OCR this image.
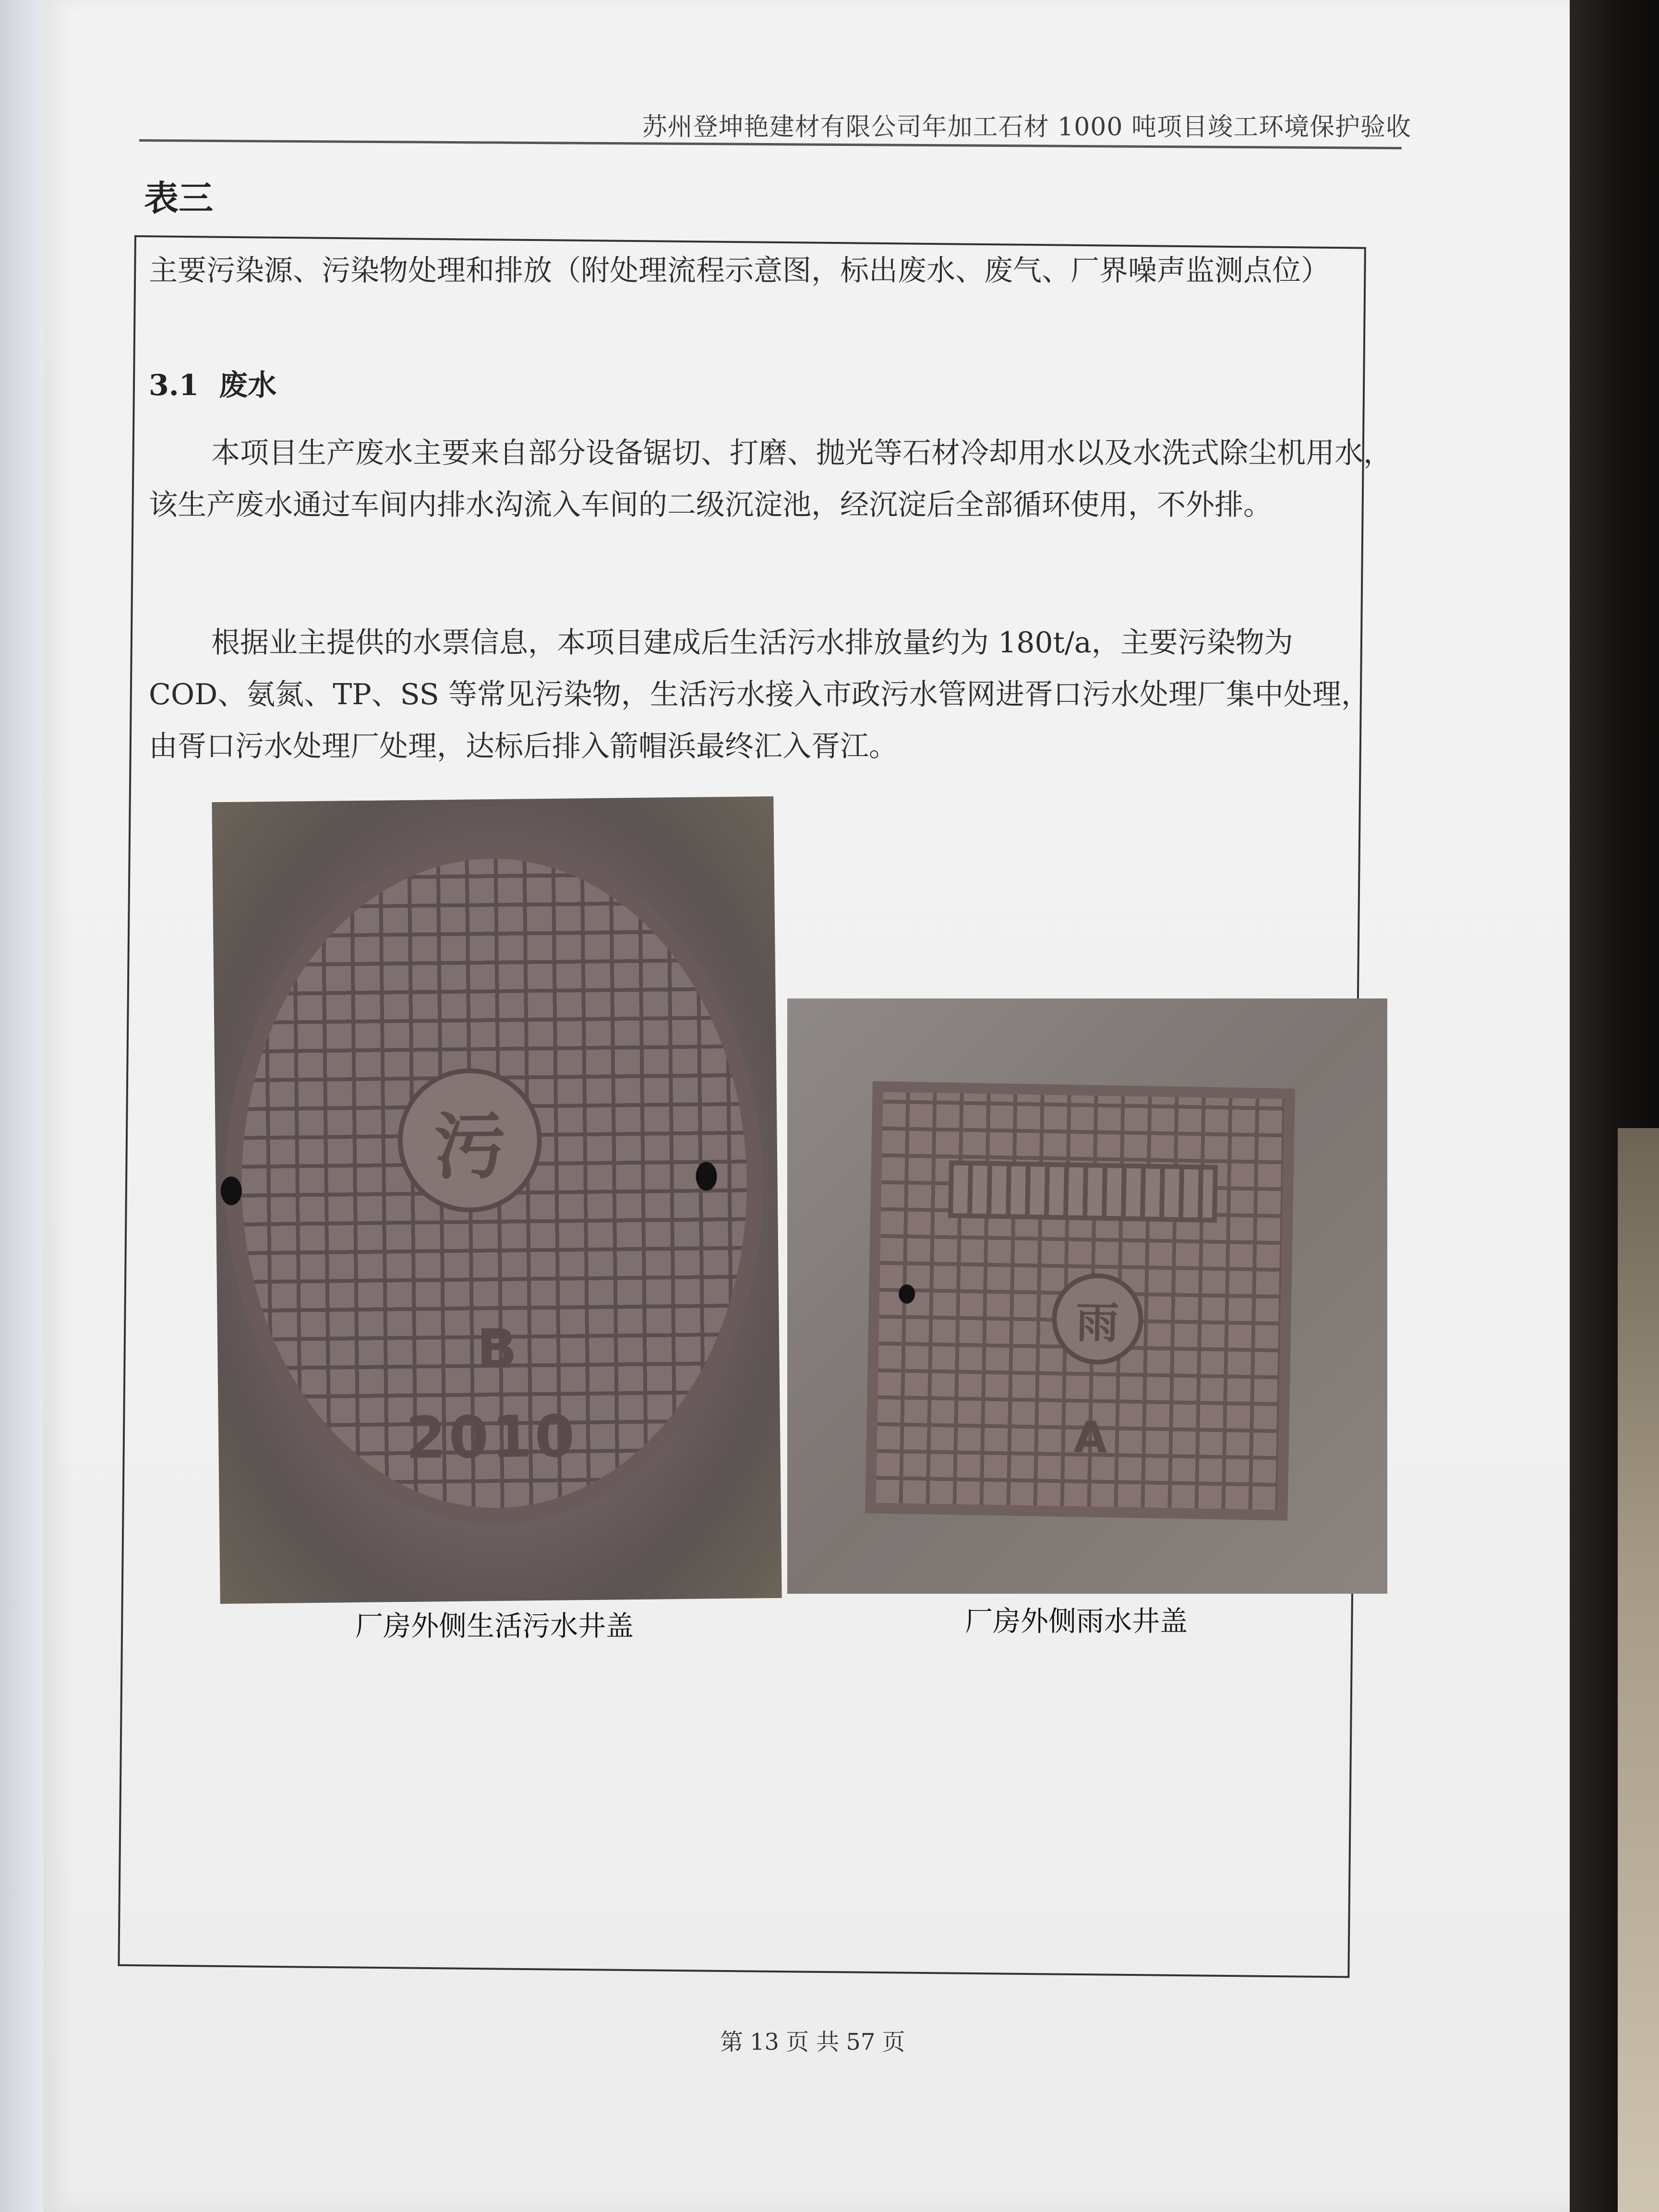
苏州登坤艳建材有限公司年加工石材 1000 吨项目竣工环境保护验收
表三
主要污染源、污染物处理和排放（附处理流程示意图，标出废水、废气、厂界噪声监测点位）
3.1 废水
本项目生产废水主要来自部分设备锯切、打磨、抛光等石材冷却用水以及水洗式除尘机用水，该生产废水通过车间内排水沟流入车间的二级沉淀池，经沉淀后全部循环使用，不外排。
根据业主提供的水票信息，本项目建成后生活污水排放量约为 180t/a，主要污染物为 COD、氨氮、TP、SS 等常见污染物，生活污水接入市政污水管网进胥口污水处理厂集中处理，由胥口污水处理厂处理，达标后排入箭帽浜最终汇入胥江。
污
B
2010
雨
A
厂房外侧生活污水井盖	厂房外侧雨水井盖
第 13 页 共 57 页
